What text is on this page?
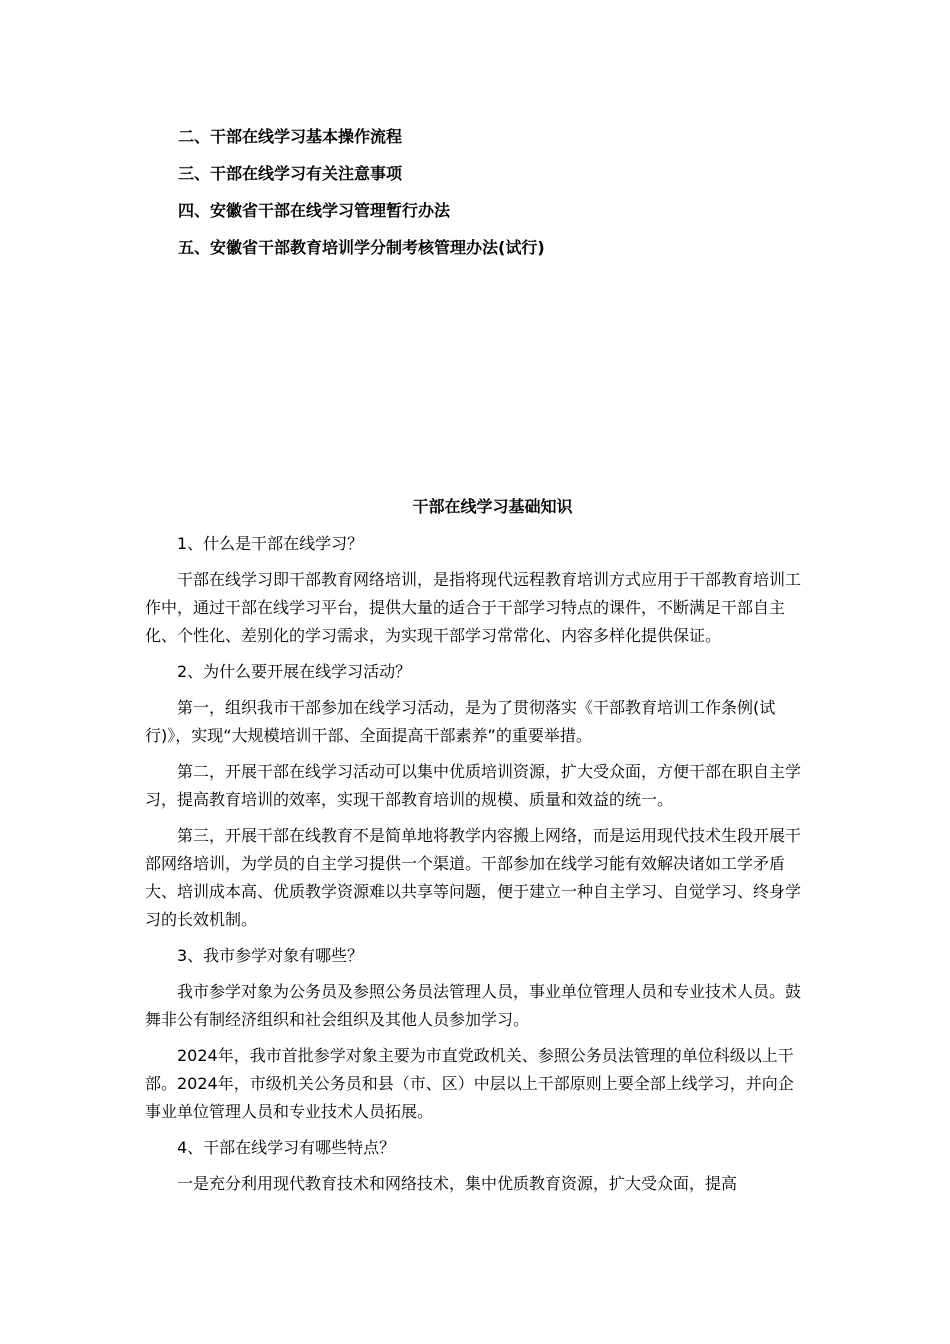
二、干部在线学习基本操作流程
三、干部在线学习有关注意事项
四、安徽省干部在线学习管理暂行办法
五、安徽省干部教育培训学分制考核管理办法(试行)
干部在线学习基础知识

1、什么是干部在线学习？

干部在线学习即干部教育网络培训，是指将现代远程教育培训方式应用于干部教育培训工作中，通过干部在线学习平台，提供大量的适合于干部学习特点的课件，不断满足干部自主化、个性化、差别化的学习需求，为实现干部学习常常化、内容多样化提供保证。

2、为什么要开展在线学习活动？

第一，组织我市干部参加在线学习活动，是为了贯彻落实《干部教育培训工作条例(试行)》，实现“大规模培训干部、全面提高干部素养”的重要举措。

第二，开展干部在线学习活动可以集中优质培训资源，扩大受众面，方便干部在职自主学习，提高教育培训的效率，实现干部教育培训的规模、质量和效益的统一。

第三，开展干部在线教育不是简单地将教学内容搬上网络，而是运用现代技术生段开展干部网络培训，为学员的自主学习提供一个渠道。干部参加在线学习能有效解决诸如工学矛盾大、培训成本高、优质教学资源难以共享等问题，便于建立一种自主学习、自觉学习、终身学习的长效机制。

3、我市参学对象有哪些？

我市参学对象为公务员及参照公务员法管理人员，事业单位管理人员和专业技术人员。鼓舞非公有制经济组织和社会组织及其他人员参加学习。

2024年，我市首批参学对象主要为市直党政机关、参照公务员法管理的单位科级以上干部。2024年，市级机关公务员和县（市、区）中层以上干部原则上要全部上线学习，并向企事业单位管理人员和专业技术人员拓展。

4、干部在线学习有哪些特点？

一是充分利用现代教育技术和网络技术，集中优质教育资源，扩大受众面，提高
